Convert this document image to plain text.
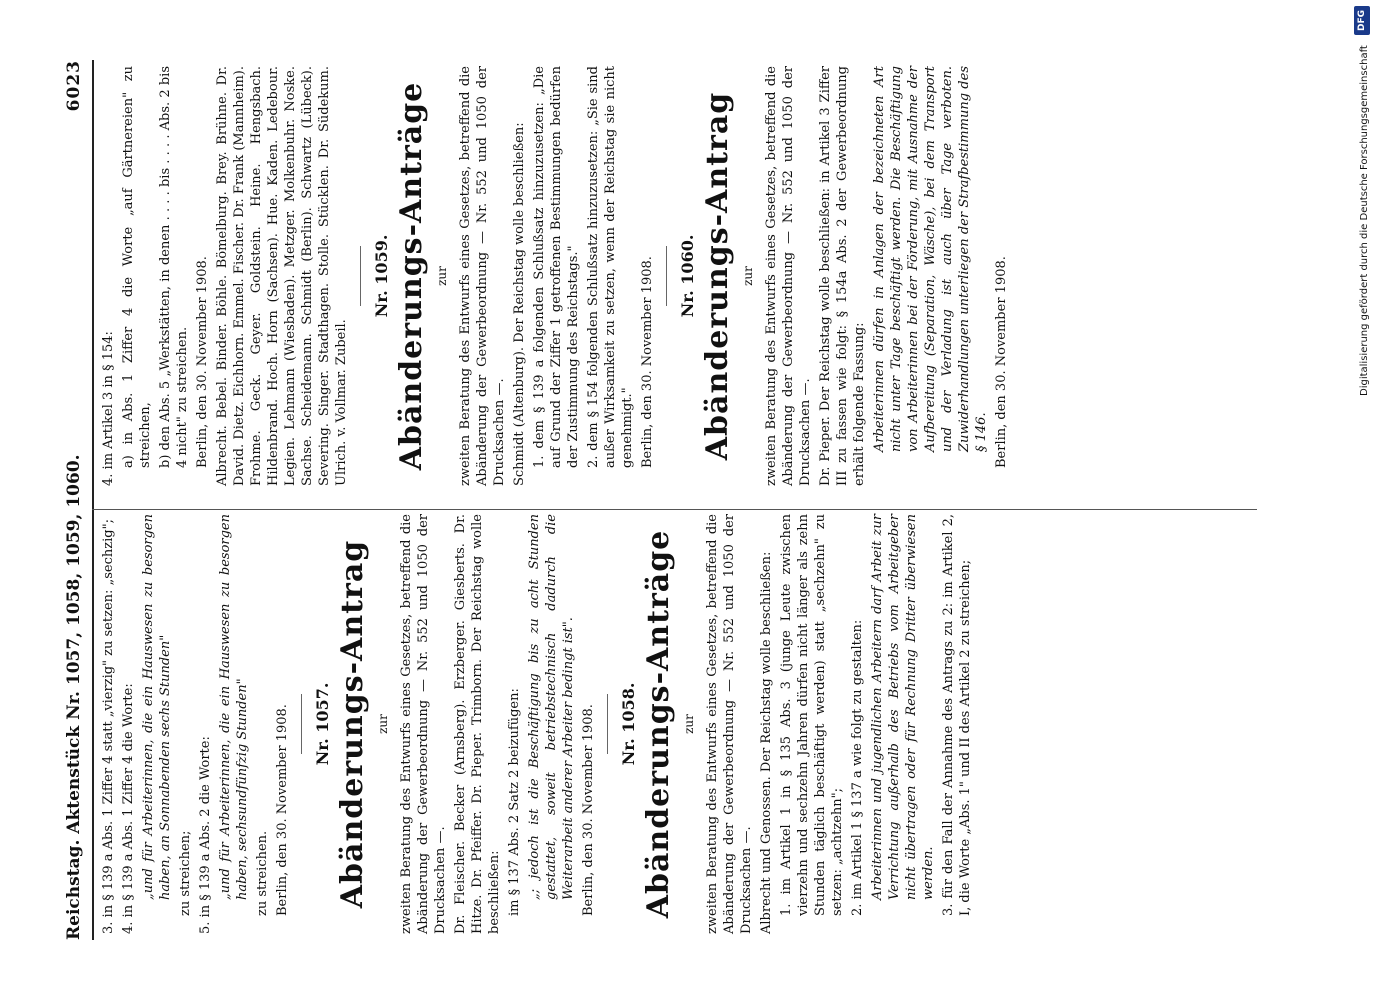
Reichstag. Aktenstück Nr. 1057, 1058, 1059, 1060.
6023

3. in § 139 a Abs. 1 Ziffer 4 statt „vierzig" zu setzen: „sechzig"; 4. in § 139 a Abs. 1 Ziffer 4 die Worte: „und für Arbeiterinnen, die ein Hauswesen zu besorgen haben, an Sonnabenden sechs Stunden" zu streichen; 5. in § 139 a Abs. 2 die Worte: „und für Arbeiterinnen, die ein Hauswesen zu besorgen haben, sechsundfünfzig Stunden" zu streichen. Berlin, den 30. November 1908. Nr. 1057. Abänderungs-Antrag zur zweiten Beratung des Entwurfs eines Gesetzes, betreffend die Abänderung der Gewerbeordnung — Nr. 552 und 1050 der Drucksachen —. Dr. Fleischer. Becker (Arnsberg). Erzberger. Giesberts. Dr. Hitze. Dr. Pfeiffer. Dr. Pieper. Trimborn. Der Reichstag wolle beschließen: im § 137 Abs. 2 Satz 2 beizufügen: „; jedoch ist die Beschäftigung bis zu acht Stunden gestattet, soweit betriebstechnisch dadurch die Weiterarbeit anderer Arbeiter bedingt ist". Berlin, den 30. November 1908. Nr. 1058. Abänderungs-Anträge zur zweiten Beratung des Entwurfs eines Gesetzes, betreffend die Abänderung der Gewerbeordnung — Nr. 552 und 1050 der Drucksachen —. Albrecht und Genossen. Der Reichstag wolle beschließen: 1. im Artikel 1 in § 135 Abs. 3 (junge Leute zwischen vierzehn und sechzehn Jahren dürfen nicht länger als zehn Stunden täglich beschäftigt werden) statt „sechzehn" zu setzen: „achtzehn"; 2. im Artikel 1 § 137 a wie folgt zu gestalten: Arbeiterinnen und jugendlichen Arbeitern darf Arbeit zur Verrichtung außerhalb des Betriebs vom Arbeitgeber nicht übertragen oder für Rechnung Dritter überwiesen werden. 3. für den Fall der Annahme des Antrags zu 2: im Artikel 2, I, die Worte „Abs. 1" und II des Artikel 2 zu streichen;

4. im Artikel 3 in § 154: a) in Abs. 1 Ziffer 4 die Worte „auf Gärtnereien" zu streichen, b) den Abs. 5 „Werkstätten, in denen . . . . bis . . . . Abs. 2 bis 4 nicht" zu streichen. Berlin, den 30. November 1908. Albrecht. Bebel. Binder. Böhle. Bömelburg. Brey. Brühne. Dr. David. Dietz. Eichhorn. Emmel. Fischer. Dr. Frank (Mannheim). Frohme. Geck. Geyer. Goldstein. Heine. Hengsbach. Hildenbrand. Hoch. Horn (Sachsen). Hue. Kaden. Ledebour. Legien. Lehmann (Wiesbaden). Metzger. Molkenbuhr. Noske. Sachse. Scheidemann. Schmidt (Berlin). Schwartz (Lübeck). Severing. Singer. Stadthagen. Stolle. Stücklen. Dr. Südekum. Ulrich. v. Vollmar. Zubeil.

Nr. 1059. Abänderungs-Anträge zur zweiten Beratung des Entwurfs eines Gesetzes, betreffend die Abänderung der Gewerbeordnung — Nr. 552 und 1050 der Drucksachen —. Schmidt (Altenburg). Der Reichstag wolle beschließen: 1. dem § 139 a folgenden Schlußsatz hinzuzusetzen: „Die auf Grund der Ziffer 1 getroffenen Bestimmungen bedürfen der Zustimmung des Reichstags." 2. dem § 154 folgenden Schlußsatz hinzuzusetzen: „Sie sind außer Wirksamkeit zu setzen, wenn der Reichstag sie nicht genehmigt." Berlin, den 30. November 1908. Nr. 1060. Abänderungs-Antrag zur zweiten Beratung des Entwurfs eines Gesetzes, betreffend die Abänderung der Gewerbeordnung — Nr. 552 und 1050 der Drucksachen —. Dr. Pieper. Der Reichstag wolle beschließen: in Artikel 3 Ziffer III zu fassen wie folgt: § 154a Abs. 2 der Gewerbeordnung erhält folgende Fassung: Arbeiterinnen dürfen in Anlagen der bezeichneten Art nicht unter Tage beschäftigt werden. Die Beschäftigung von Arbeiterinnen bei der Förderung, mit Ausnahme der Aufbereitung (Separation, Wäsche), bei dem Transport und der Verladung ist auch über Tage verboten. Zuwiderhandlungen unterliegen der Strafbestimmung des § 146. Berlin, den 30. November 1908.	Digitalisierung gefördert durch die Deutsche Forschungsgemeinschaft
DFG
